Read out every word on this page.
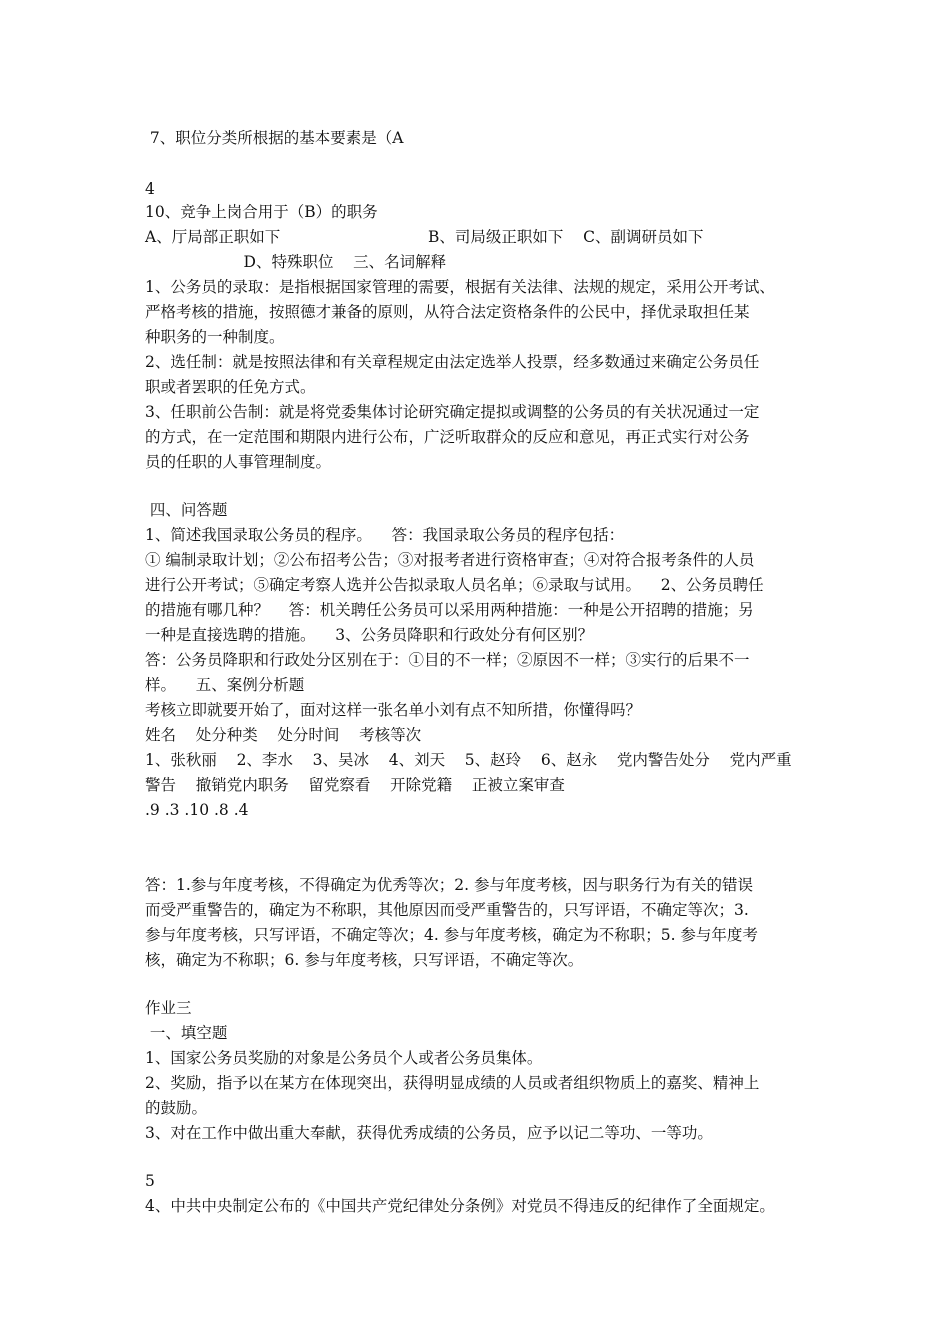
7、职位分类所根据的基本要素是（A
4
10、竞争上岗合用于（B）的职务
A、厅局部正职如下                              B、司局级正职如下    C、副调研员如下
D、特殊职位    三、名词解释
1、公务员的录取：是指根据国家管理的需要，根据有关法律、法规的规定，采用公开考试、
严格考核的措施，按照德才兼备的原则，从符合法定资格条件的公民中，择优录取担任某
种职务的一种制度。
2、选任制：就是按照法律和有关章程规定由法定选举人投票，经多数通过来确定公务员任
职或者罢职的任免方式。
3、任职前公告制：就是将党委集体讨论研究确定提拟或调整的公务员的有关状况通过一定
的方式，在一定范围和期限内进行公布，广泛听取群众的反应和意见，再正式实行对公务
员的任职的人事管理制度。
四、问答题
1、简述我国录取公务员的程序。    答：我国录取公务员的程序包括：
① 编制录取计划；②公布招考公告；③对报考者进行资格审查；④对符合报考条件的人员
进行公开考试；⑤确定考察人选并公告拟录取人员名单；⑥录取与试用。    2、公务员聘任
的措施有哪几种？    答：机关聘任公务员可以采用两种措施：一种是公开招聘的措施；另
一种是直接选聘的措施。    3、公务员降职和行政处分有何区别？
答：公务员降职和行政处分区别在于：①目的不一样；②原因不一样；③实行的后果不一
样。    五、案例分析题
考核立即就要开始了，面对这样一张名单小刘有点不知所措，你懂得吗？
姓名    处分种类    处分时间    考核等次
1、张秋丽    2、李水    3、吴冰    4、刘天    5、赵玲    6、赵永    党内警告处分    党内严重
警告    撤销党内职务    留党察看    开除党籍    正被立案审查
.9 .3 .10 .8 .4
答：1.参与年度考核，不得确定为优秀等次；2. 参与年度考核，因与职务行为有关的错误
而受严重警告的，确定为不称职，其他原因而受严重警告的，只写评语，不确定等次；3.
参与年度考核，只写评语，不确定等次；4. 参与年度考核，确定为不称职；5. 参与年度考
核，确定为不称职；6. 参与年度考核，只写评语，不确定等次。
作业三
一、填空题
1、国家公务员奖励的对象是公务员个人或者公务员集体。
2、奖励，指予以在某方在体现突出，获得明显成绩的人员或者组织物质上的嘉奖、精神上
的鼓励。
3、对在工作中做出重大奉献，获得优秀成绩的公务员，应予以记二等功、一等功。
5
4、中共中央制定公布的《中国共产党纪律处分条例》对党员不得违反的纪律作了全面规定。
